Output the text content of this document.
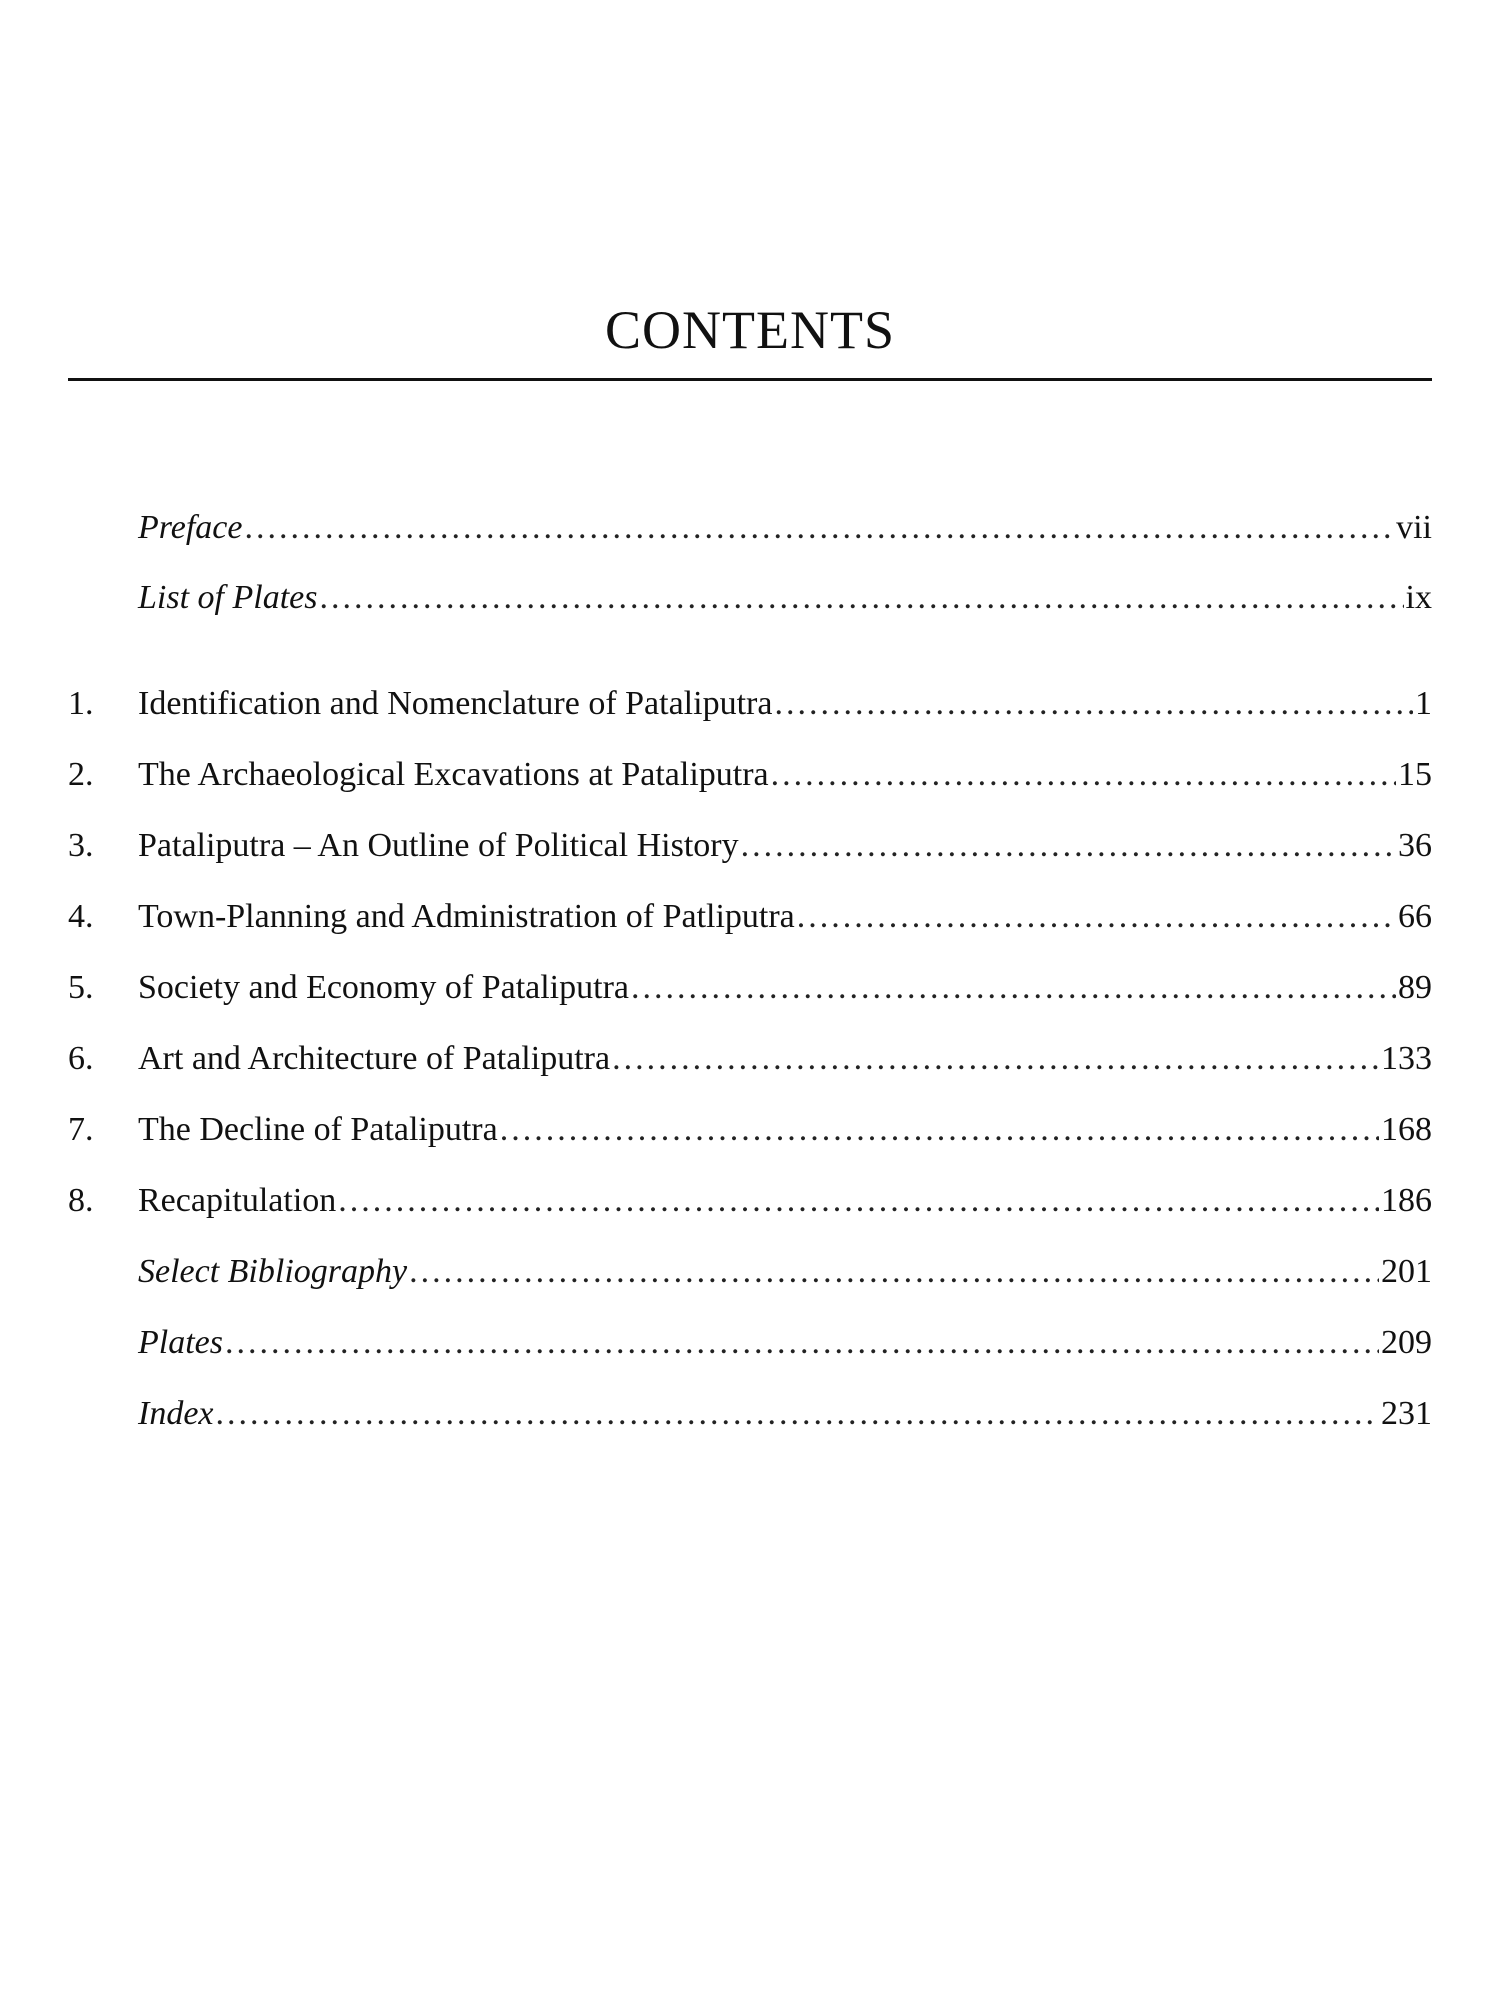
CONTENTS
Preface .....	vii
List of Plates .....	ix
1.	Identification and Nomenclature of Pataliputra .....	1
2.	The Archaeological Excavations at Pataliputra .....	15
3.	Pataliputra – An Outline of Political History .....	36
4.	Town-Planning and Administration of Patliputra .....	66
5.	Society and Economy of Pataliputra .....	89
6.	Art and Architecture of Pataliputra .....	133
7.	The Decline of Pataliputra .....	168
8.	Recapitulation .....	186
Select Bibliography .....	201
Plates .....	209
Index .....	231
